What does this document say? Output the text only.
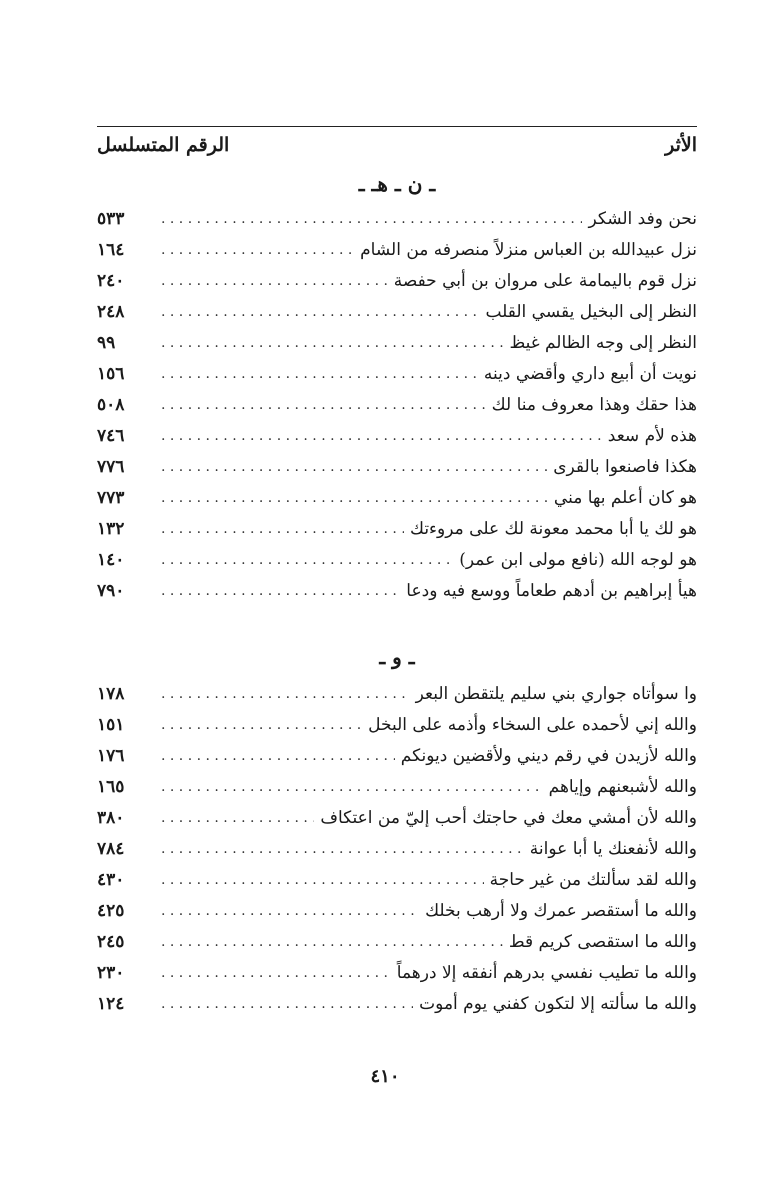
الرقم المتسلسل	الأثر
ـ ن ـ هـ ـ
نحن وفد الشكر
. . .
٥٣٣
نزل عبيدالله بن العباس منزلاً منصرفه من الشام
. . .
١٦٤
نزل قوم باليمامة على مروان بن أبي حفصة
. . .
٢٤٠
النظر إلى البخيل يقسي القلب
. . .
٢٤٨
النظر إلى وجه الظالم غيظ
. . .
٩٩
نويت أن أبيع داري وأقضي دينه
. . .
١٥٦
هذا حقك وهذا معروف منا لك
. . .
٥٠٨
هذه لأم سعد
. . .
٧٤٦
هكذا فاصنعوا بالقرى
. . .
٧٧٦
هو كان أعلم بها مني
. . .
٧٧٣
هو لك يا أبا محمد معونة لك على مروءتك
. . .
١٣٢
هو لوجه الله (نافع مولى ابن عمر)
. . .
١٤٠
هيأ إبراهيم بن أدهم طعاماً ووسع فيه ودعا
. . .
٧٩٠
ـ و ـ
وا سوأتاه جواري بني سليم يلتقطن البعر
. . .
١٧٨
والله إني لأحمده على السخاء وأذمه على البخل
. . .
١٥١
والله لأزيدن في رقم ديني ولأقضين ديونكم
. . .
١٧٦
والله لأشبعنهم وإياهم
. . .
١٦٥
والله لأن أمشي معك في حاجتك أحب إليّ من اعتكاف
. . .
٣٨٠
والله لأنفعنك يا أبا عوانة
. . .
٧٨٤
والله لقد سألتك من غير حاجة
. . .
٤٣٠
والله ما أستقصر عمرك ولا أرهب بخلك
. . .
٤٢٥
والله ما استقصى كريم قط
. . .
٢٤٥
والله ما تطيب نفسي بدرهم أنفقه إلا درهماً
. . .
٢٣٠
والله ما سألته إلا لتكون كفني يوم أموت
. . .
١٢٤
٤١٠
